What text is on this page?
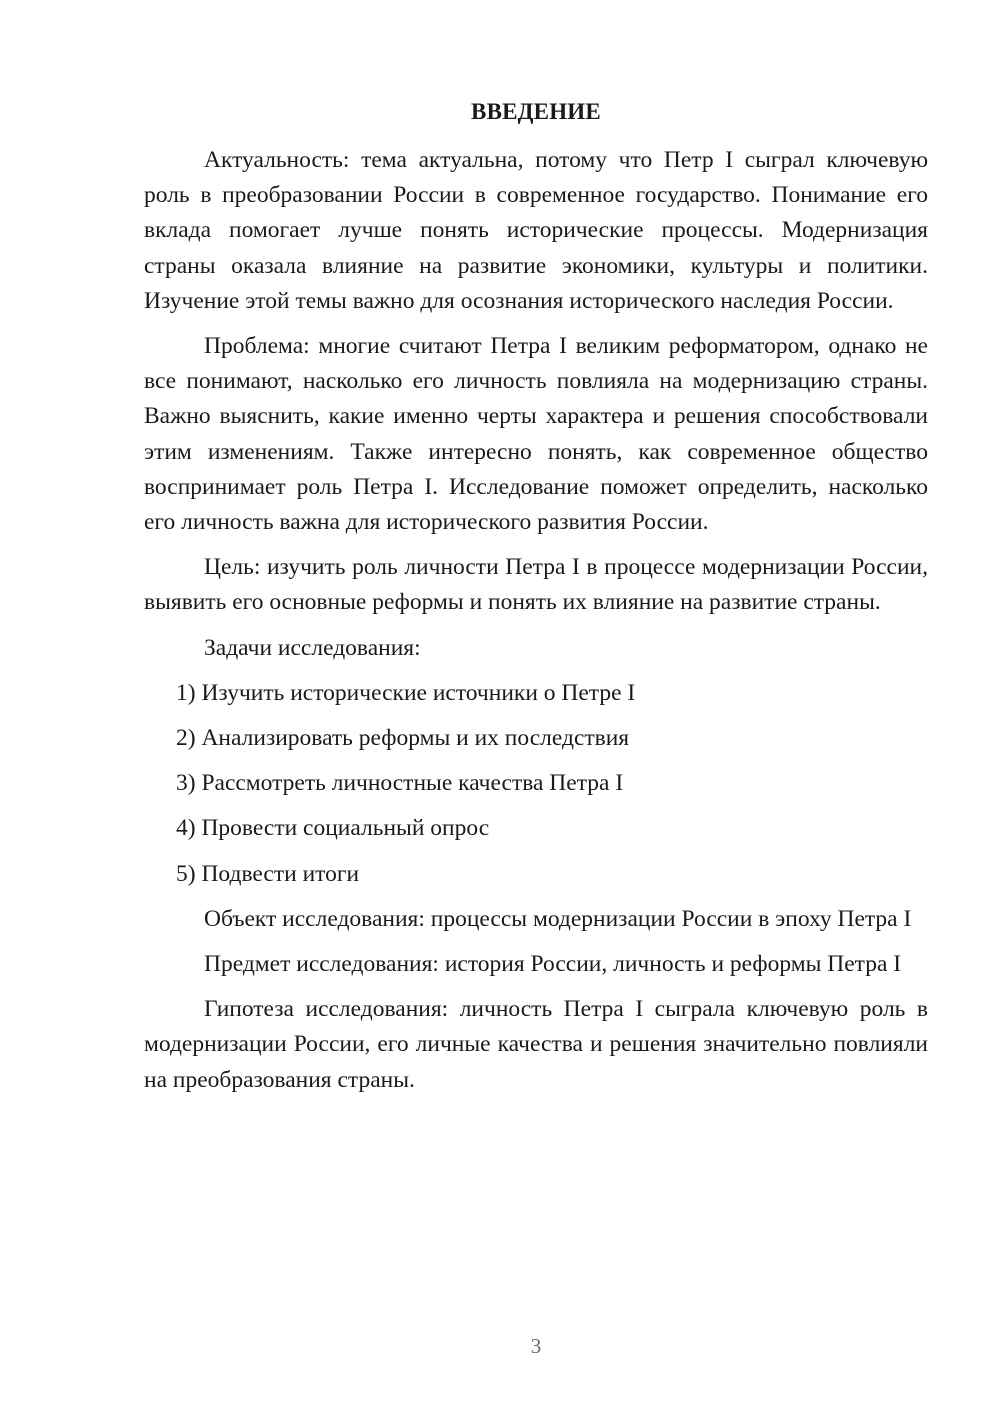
ВВЕДЕНИЕ

Актуальность: тема актуальна, потому что Петр I сыграл ключевую роль в преобразовании России в современное государство. Понимание его вклада помогает лучше понять исторические процессы. Модернизация страны оказала влияние на развитие экономики, культуры и политики. Изучение этой темы важно для осознания исторического наследия России.

Проблема: многие считают Петра I великим реформатором, однако не все понимают, насколько его личность повлияла на модернизацию страны. Важно выяснить, какие именно черты характера и решения способствовали этим изменениям. Также интересно понять, как современное общество воспринимает роль Петра I. Исследование поможет определить, насколько его личность важна для исторического развития России.

Цель: изучить роль личности Петра I в процессе модернизации России, выявить его основные реформы и понять их влияние на развитие страны.

Задачи исследования:

1) Изучить исторические источники о Петре I
2) Анализировать реформы и их последствия
3) Рассмотреть личностные качества Петра I
4) Провести социальный опрос
5) Подвести итоги

Объект исследования: процессы модернизации России в эпоху Петра I

Предмет исследования: история России, личность и реформы Петра I

Гипотеза исследования: личность Петра I сыграла ключевую роль в модернизации России, его личные качества и решения значительно повлияли на преобразования страны.

3
